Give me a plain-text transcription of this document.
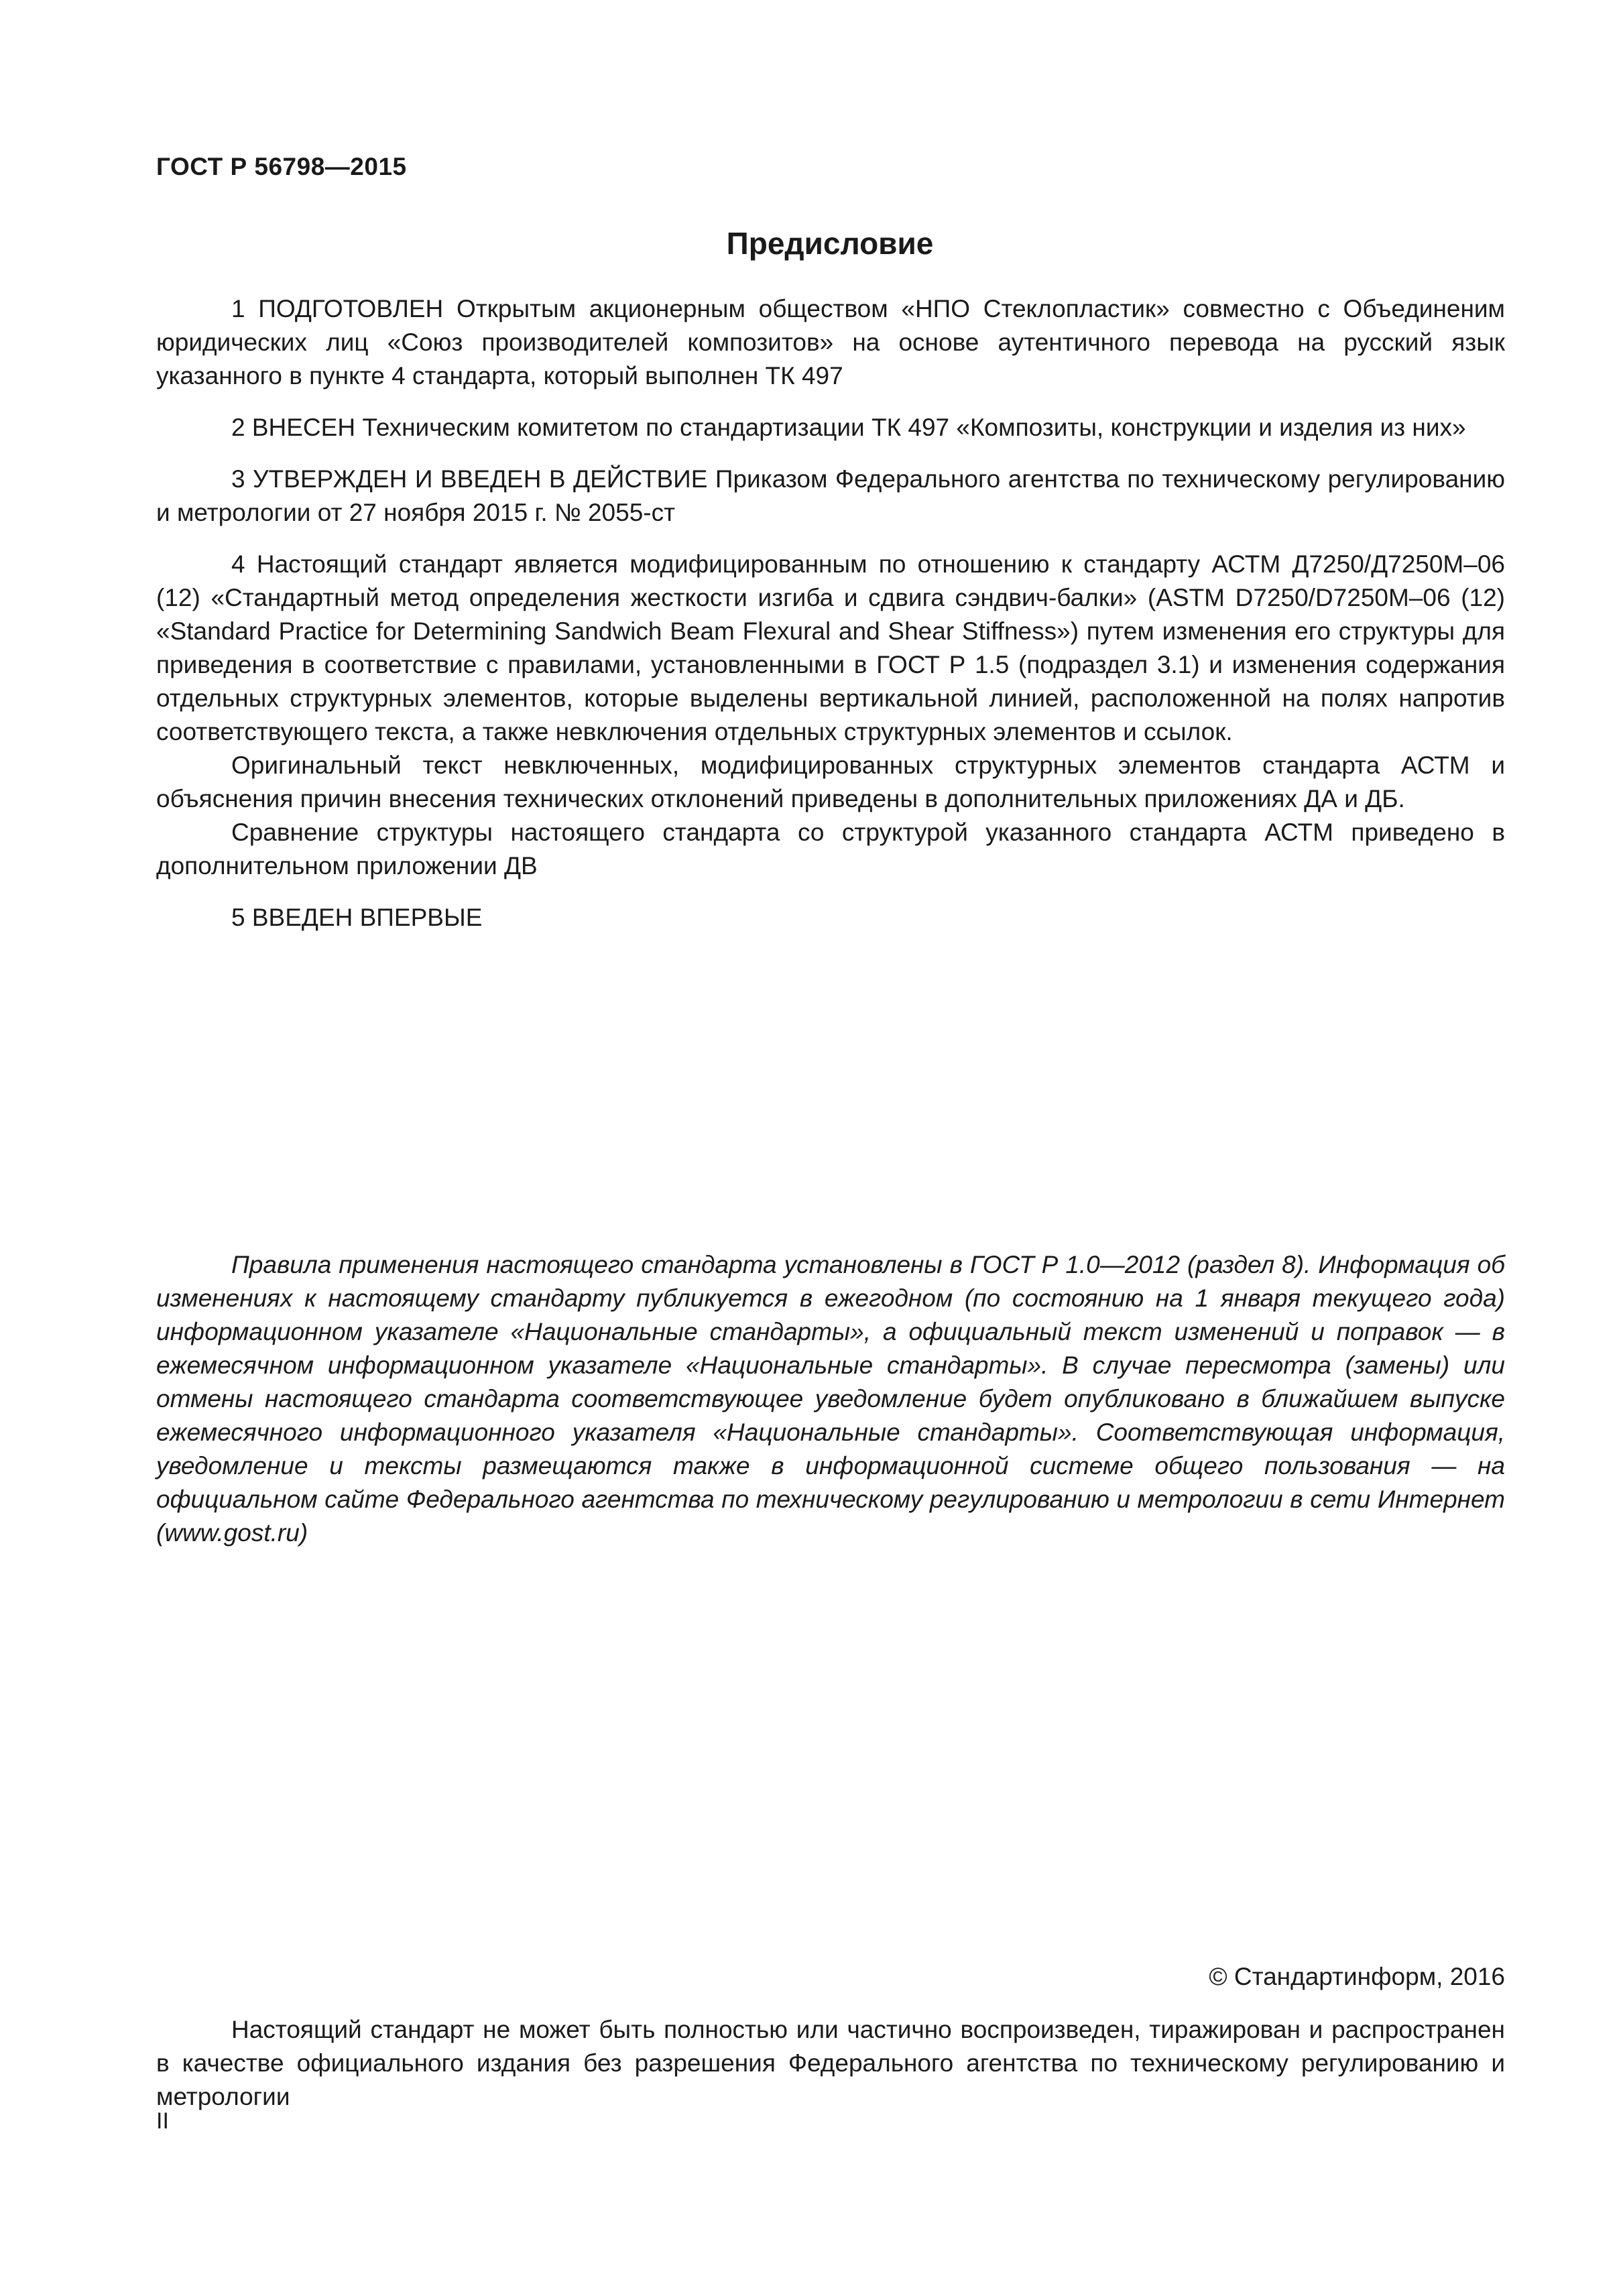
ГОСТ Р 56798—2015
Предисловие

1 ПОДГОТОВЛЕН Открытым акционерным обществом «НПО Стеклопластик» совместно с Объединеним юридических лиц «Союз производителей композитов» на основе аутентичного перевода на русский язык указанного в пункте 4 стандарта, который выполнен ТК 497

2 ВНЕСЕН Техническим комитетом по стандартизации ТК 497 «Композиты, конструкции и изделия из них»

3 УТВЕРЖДЕН И ВВЕДЕН В ДЕЙСТВИЕ Приказом Федерального агентства по техническому регулированию и метрологии от 27 ноября 2015 г. № 2055-ст

4 Настоящий стандарт является модифицированным по отношению к стандарту АСТМ Д7250/Д7250М–06 (12) «Стандартный метод определения жесткости изгиба и сдвига сэндвич-балки» (ASTM D7250/D7250M–06 (12) «Standard Practice for Determining Sandwich Beam Flexural and Shear Stiffness») путем изменения его структуры для приведения в соответствие с правилами, установленными в ГОСТ Р 1.5 (подраздел 3.1) и изменения содержания отдельных структурных элементов, которые выделены вертикальной линией, расположенной на полях напротив соответствующего текста, а также невключения отдельных структурных элементов и ссылок.

Оригинальный текст невключенных, модифицированных структурных элементов стандарта АСТМ и объяснения причин внесения технических отклонений приведены в дополнительных приложениях ДА и ДБ.

Сравнение структуры настоящего стандарта со структурой указанного стандарта АСТМ приведено в дополнительном приложении ДВ

5 ВВЕДЕН ВПЕРВЫЕ

Правила применения настоящего стандарта установлены в ГОСТ Р 1.0—2012 (раздел 8). Информация об изменениях к настоящему стандарту публикуется в ежегодном (по состоянию на 1 января текущего года) информационном указателе «Национальные стандарты», а официальный текст изменений и поправок — в ежемесячном информационном указателе «Национальные стандарты». В случае пересмотра (замены) или отмены настоящего стандарта соответствующее уведомление будет опубликовано в ближайшем выпуске ежемесячного информационного указателя «Национальные стандарты». Соответствующая информация, уведомление и тексты размещаются также в информационной системе общего пользования — на официальном сайте Федерального агентства по техническому регулированию и метрологии в сети Интернет (www.gost.ru)

© Стандартинформ, 2016

Настоящий стандарт не может быть полностью или частично воспроизведен, тиражирован и распространен в качестве официального издания без разрешения Федерального агентства по техническому регулированию и метрологии

II
